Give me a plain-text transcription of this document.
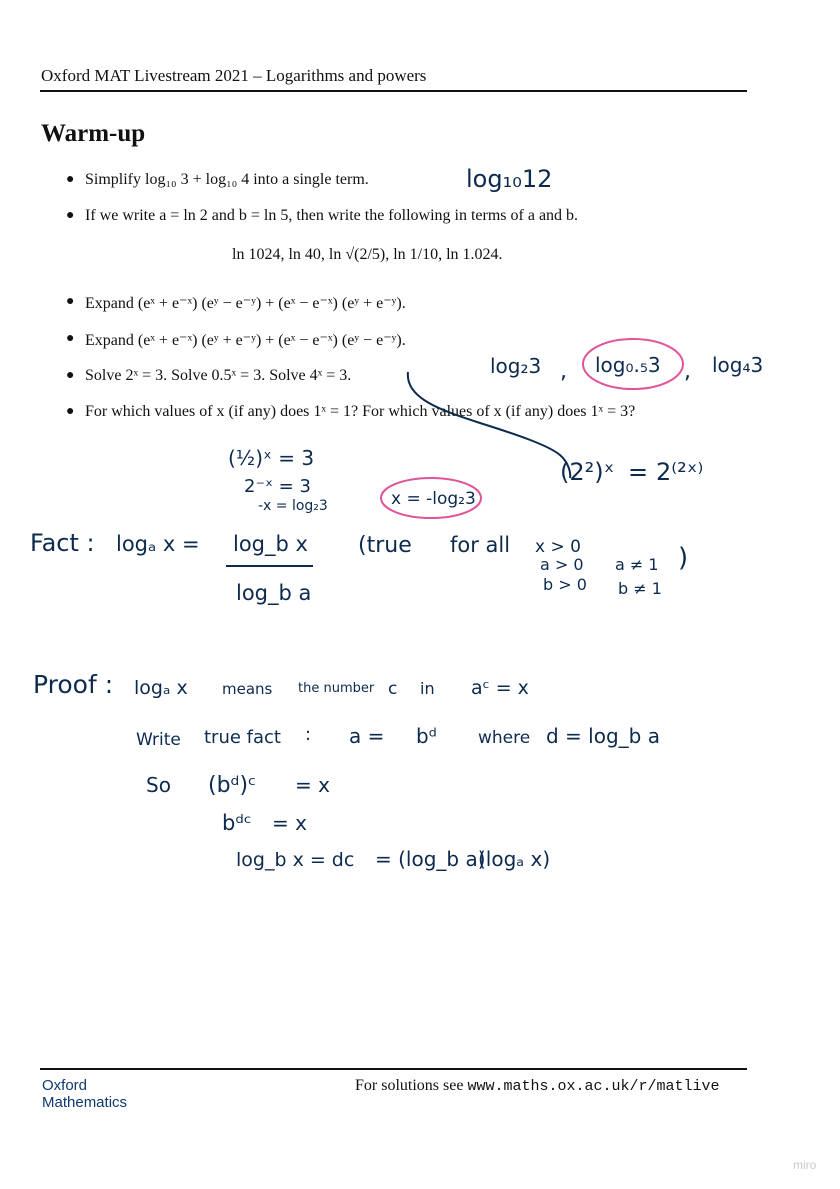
Oxford MAT Livestream 2021 – Logarithms and powers
Warm-up
● Simplify log₁₀ 3 + log₁₀ 4 into a single term.
● If we write a = ln 2 and b = ln 5, then write the following in terms of a and b.
ln 1024, ln 40, ln √(2/5), ln 1/10, ln 1.024.
● Expand (eˣ + e⁻ˣ) (eʸ − e⁻ʸ) + (eˣ − e⁻ˣ) (eʸ + e⁻ʸ).
● Expand (eˣ + e⁻ˣ) (eʸ + e⁻ʸ) + (eˣ − e⁻ˣ) (eʸ − e⁻ʸ).
● Solve 2ˣ = 3. Solve 0.5ˣ = 3. Solve 4ˣ = 3.
● For which values of x (if any) does 1ˣ = 1? For which values of x (if any) does 1ˣ = 3?
log₁₀12
log₂3 , log₀.₅3 , log₄3
(2²)ˣ = 2⁽²ˣ⁾
(½)ˣ = 3
2⁻ˣ = 3
-x = log₂3	x = -log₂3
Fact : logₐ x = log_b x
log_b a
(true for all x > 0
a > 0 a ≠ 1
b > 0 b ≠ 1
)
Proof : logₐ x means the number c in aᶜ = x
Write true fact : a = bᵈ where d = log_b a
So (bᵈ)ᶜ = x
bᵈᶜ = x
log_b x = dc = (log_b a)
(logₐ x)
Oxford
Mathematics
For solutions see www.maths.ox.ac.uk/r/matlive
miro
